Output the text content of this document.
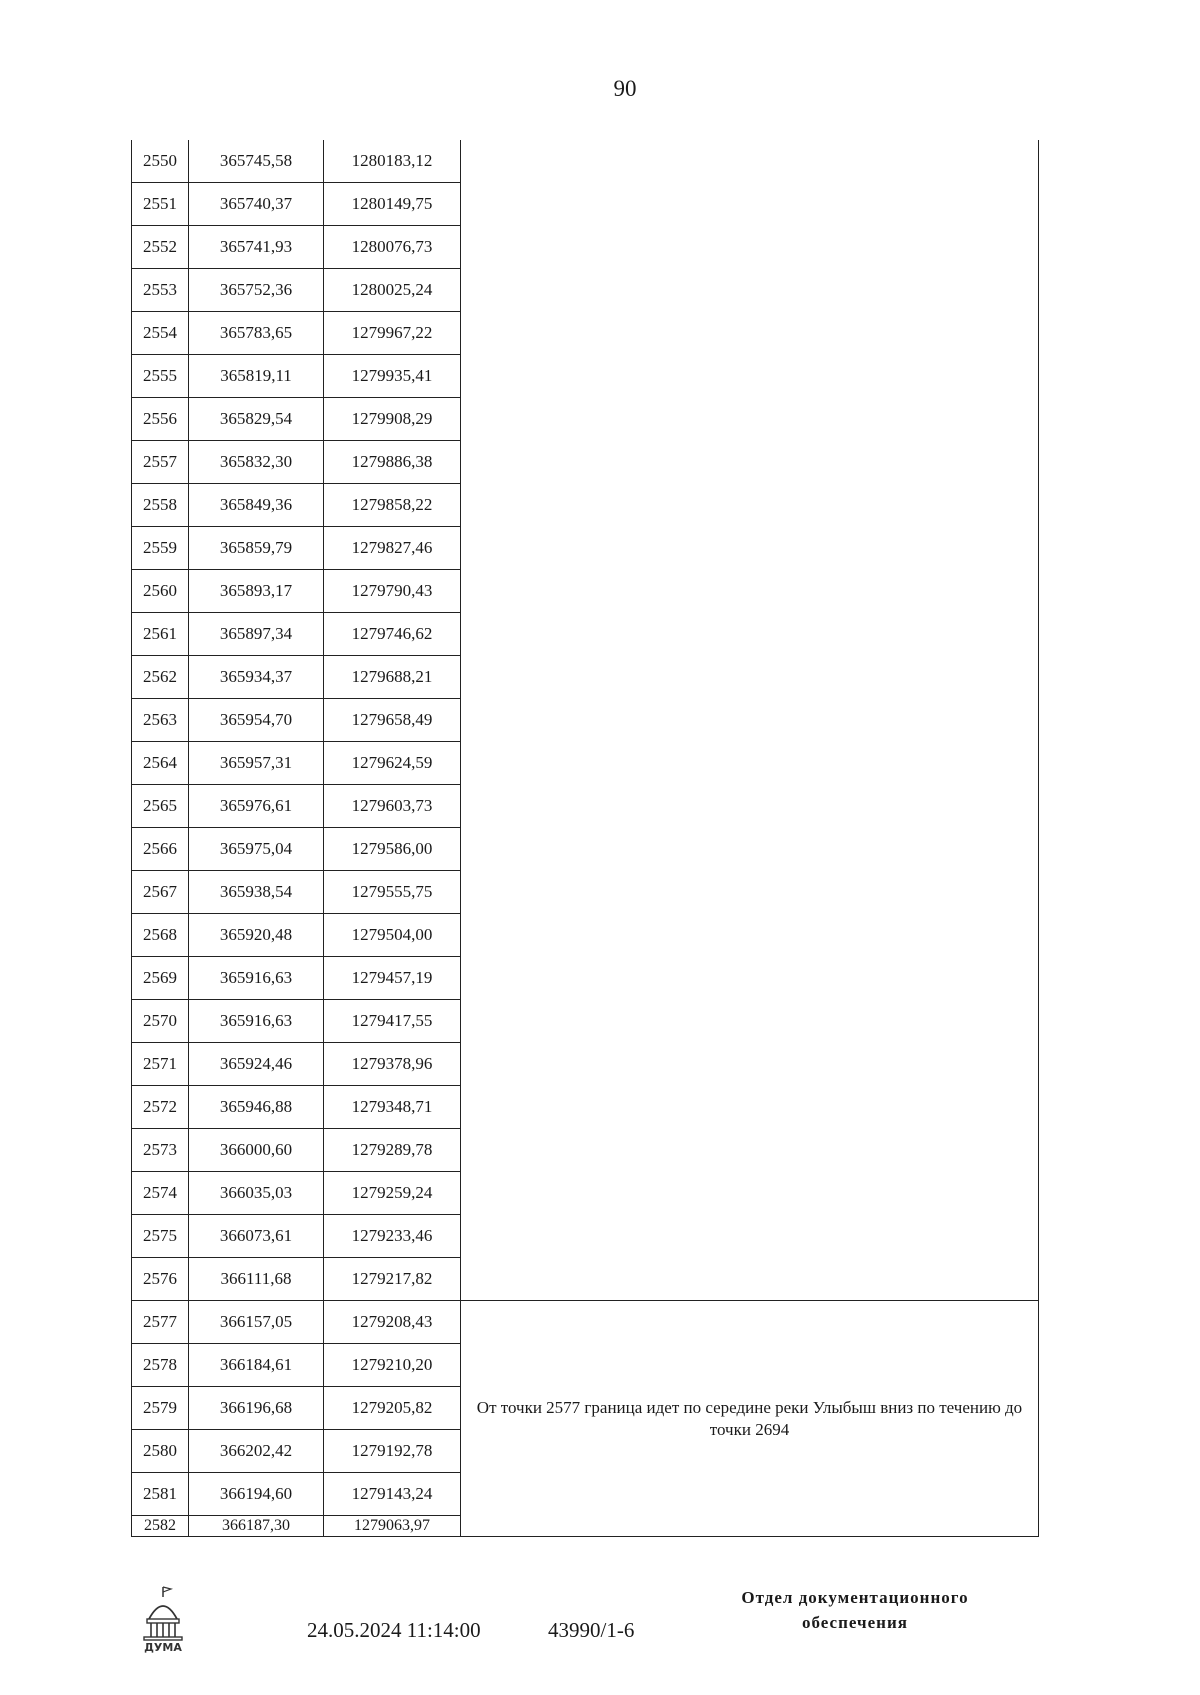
90
2550	365745,58	1280183,12	
2551	365740,37	1280149,75	
2552	365741,93	1280076,73	
2553	365752,36	1280025,24	
2554	365783,65	1279967,22	
2555	365819,11	1279935,41	
2556	365829,54	1279908,29	
2557	365832,30	1279886,38	
2558	365849,36	1279858,22	
2559	365859,79	1279827,46	
2560	365893,17	1279790,43	
2561	365897,34	1279746,62	
2562	365934,37	1279688,21	
2563	365954,70	1279658,49	
2564	365957,31	1279624,59	
2565	365976,61	1279603,73	
2566	365975,04	1279586,00	
2567	365938,54	1279555,75	
2568	365920,48	1279504,00	
2569	365916,63	1279457,19	
2570	365916,63	1279417,55	
2571	365924,46	1279378,96	
2572	365946,88	1279348,71	
2573	366000,60	1279289,78	
2574	366035,03	1279259,24	
2575	366073,61	1279233,46	
2576	366111,68	1279217,82	
2577	366157,05	1279208,43	От точки 2577 граница идет по середине реки Улыбыш вниз по течению до точки 2694
2578	366184,61	1279210,20	
2579	366196,68	1279205,82	
2580	366202,42	1279192,78	
2581	366194,60	1279143,24	
2582	366187,30	1279063,97	
ДУМА
24.05.2024 11:14:00	43990/1-6
Отдел документационного
обеспечения
